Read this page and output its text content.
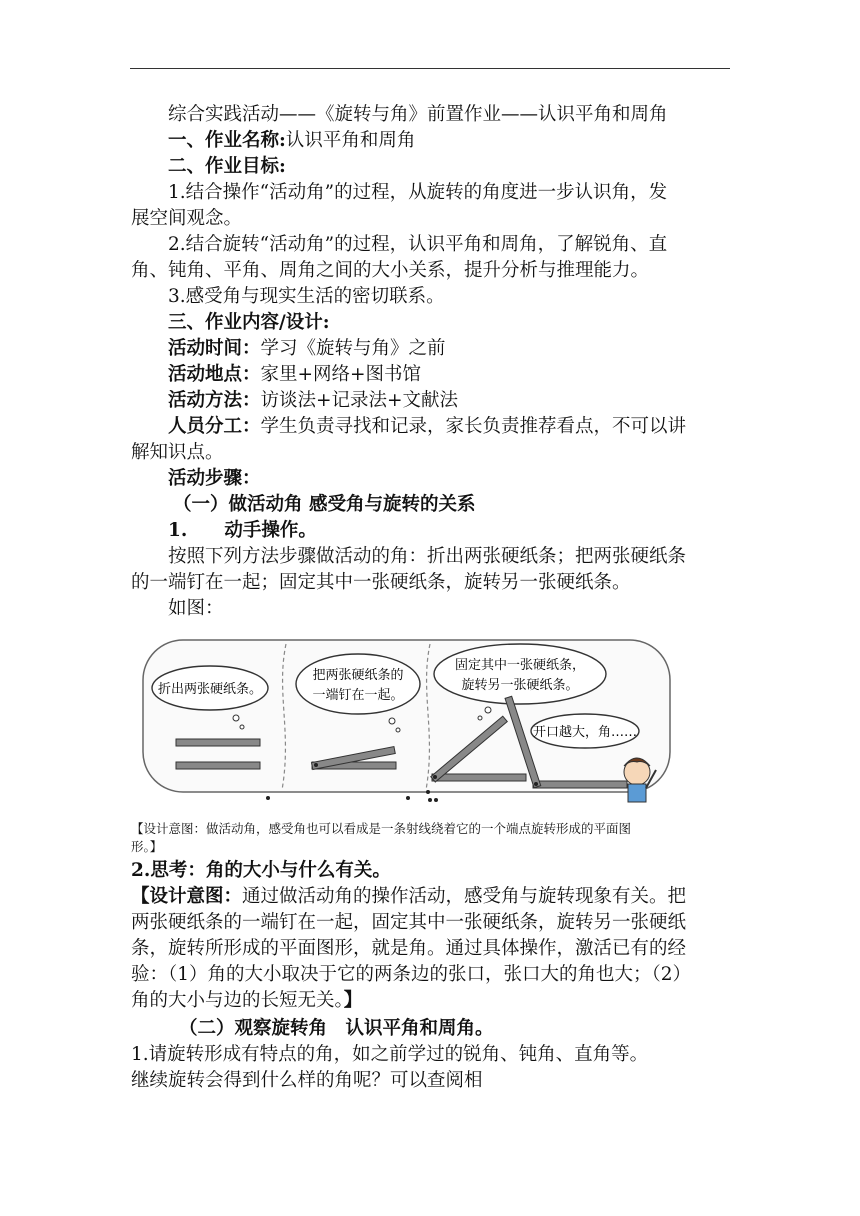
综合实践活动——《旋转与角》前置作业——认识平角和周角
一、作业名称:认识平角和周角
二、作业目标:
1.结合操作“活动角”的过程，从旋转的角度进一步认识角，发
展空间观念。
2.结合旋转“活动角”的过程，认识平角和周角，了解锐角、直
角、钝角、平角、周角之间的大小关系，提升分析与推理能力。
3.感受角与现实生活的密切联系。
三、作业内容/设计:
活动时间：学习《旋转与角》之前
活动地点：家里+网络+图书馆
活动方法：访谈法+记录法+文献法
人员分工：学生负责寻找和记录，家长负责推荐看点，不可以讲
解知识点。
活动步骤：
（一）做活动角 感受角与旋转的关系
1.　　动手操作。
按照下列方法步骤做活动的角：折出两张硬纸条；把两张硬纸条
的一端钉在一起；固定其中一张硬纸条，旋转另一张硬纸条。
如图：
折出两张硬纸条。
把两张硬纸条的
一端钉在一起。
固定其中一张硬纸条，
旋转另一张硬纸条。
开口越大，角……
【设计意图：做活动角，感受角也可以看成是一条射线绕着它的一个端点旋转形成的平面图
形。】
2.思考：角的大小与什么有关。
【设计意图：通过做活动角的操作活动，感受角与旋转现象有关。把
两张硬纸条的一端钉在一起，固定其中一张硬纸条，旋转另一张硬纸
条，旋转所形成的平面图形，就是角。通过具体操作，激活已有的经
验：（1）角的大小取决于它的两条边的张口，张口大的角也大；（2）
角的大小与边的长短无关。】
（二）观察旋转角　认识平角和周角。
1.请旋转形成有特点的角，如之前学过的锐角、钝角、直角等。
继续旋转会得到什么样的角呢？可以查阅相
